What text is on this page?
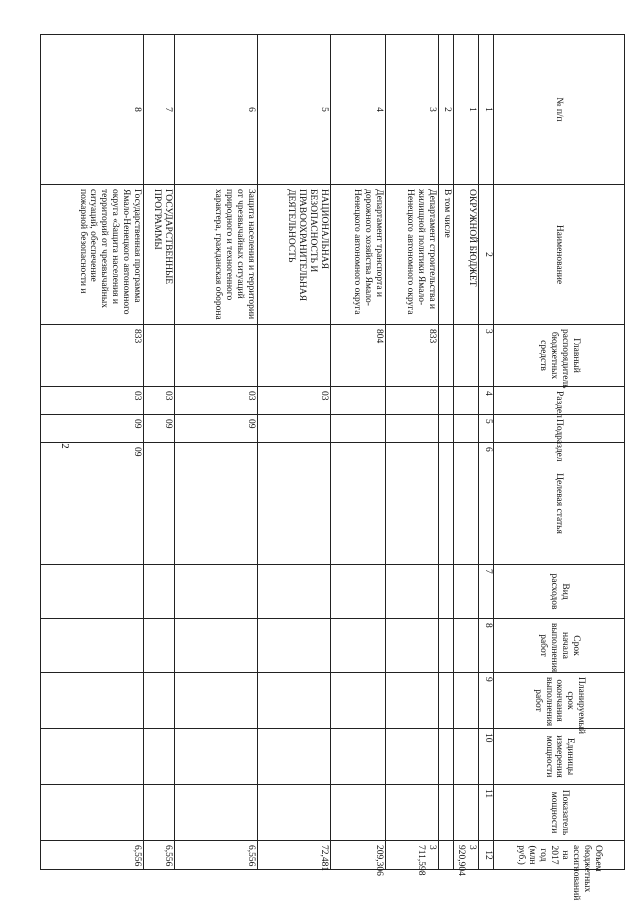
2
№ п/п	Наименование	Главный распорядитель бюджетных средств	Раздел	Подраздел	Целевая статья	Вид расходов	Срок начала выполнения работ	Планируемый срок окончания выполнения работ	Единицы измерения мощности	Показатель мощности	Объем бюджетных ассигнований на 2017 год (млн руб.)
1	2	3	4	5	6	7	8	9	10	11	12
1	ОКРУЖНОЙ БЮДЖЕТ										3 920,904
2	В том числе										
3	Департамент строительства и жилищной политики Ямало-Ненецкого автономного округа	833									3 711,598
4	Департамент транспорта и дорожного хозяйства Ямало-Ненецкого автономного округа	804									209,306
5	НАЦИОНАЛЬНАЯ БЕЗОПАСНОСТЬ И ПРАВООХРАНИТЕЛЬНАЯ ДЕЯТЕЛЬНОСТЬ		03								72,481
6	Защита населения и территории от чрезвычайных ситуаций природного и техногенного характера, гражданская оборона		03	09							6,556
7	ГОСУДАРСТВЕННЫЕ ПРОГРАММЫ		03	09							6,556
8	Государственная программа Ямало-Ненецкого автономного округа «Защита населения и территорий от чрезвычайных ситуаций, обеспечение пожарной безопасности и	833	03	09	09						6,556
